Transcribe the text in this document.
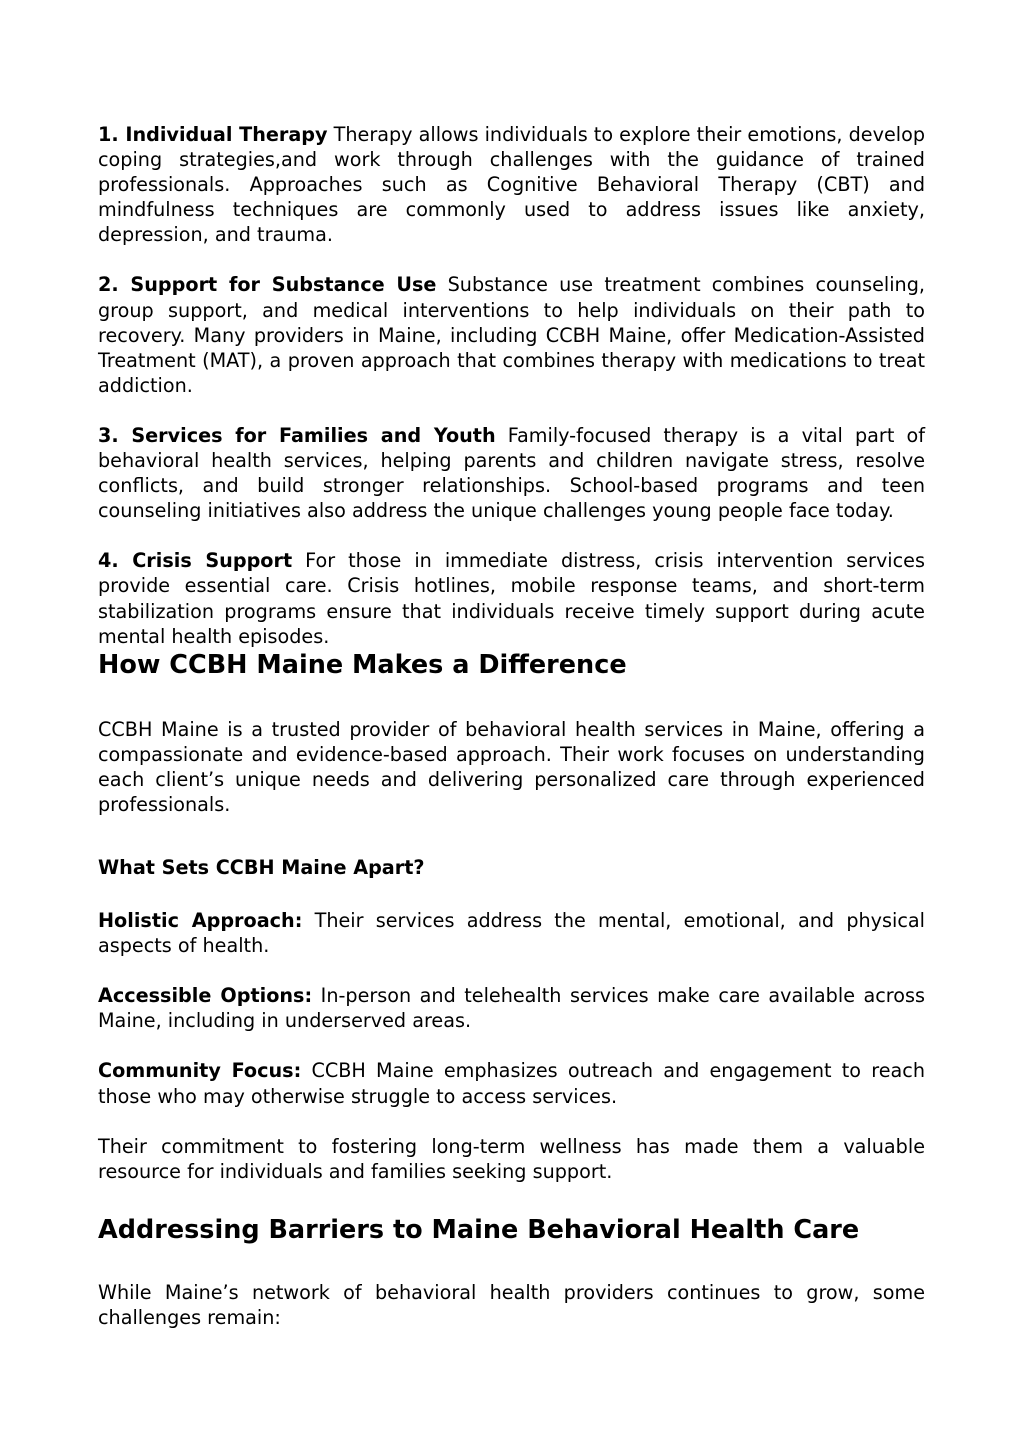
1. Individual Therapy Therapy allows individuals to explore their emotions, develop coping strategies,and work through challenges with the guidance of trained professionals. Approaches such as Cognitive Behavioral Therapy (CBT) and mindfulness techniques are commonly used to address issues like anxiety, depression, and trauma.

2. Support for Substance Use Substance use treatment combines counseling, group support, and medical interventions to help individuals on their path to recovery. Many providers in Maine, including CCBH Maine, offer Medication-Assisted Treatment (MAT), a proven approach that combines therapy with medications to treat addiction.

3. Services for Families and Youth Family-focused therapy is a vital part of behavioral health services, helping parents and children navigate stress, resolve conflicts, and build stronger relationships. School-based programs and teen counseling initiatives also address the unique challenges young people face today.

4. Crisis Support For those in immediate distress, crisis intervention services provide essential care. Crisis hotlines, mobile response teams, and short-term stabilization programs ensure that individuals receive timely support during acute mental health episodes.

How CCBH Maine Makes a Difference

CCBH Maine is a trusted provider of behavioral health services in Maine, offering a compassionate and evidence-based approach. Their work focuses on understanding each client’s unique needs and delivering personalized care through experienced professionals.

What Sets CCBH Maine Apart?

Holistic Approach: Their services address the mental, emotional, and physical aspects of health.

Accessible Options: In-person and telehealth services make care available across Maine, including in underserved areas.

Community Focus: CCBH Maine emphasizes outreach and engagement to reach those who may otherwise struggle to access services.

Their commitment to fostering long-term wellness has made them a valuable resource for individuals and families seeking support.

Addressing Barriers to Maine Behavioral Health Care

While Maine’s network of behavioral health providers continues to grow, some challenges remain:
